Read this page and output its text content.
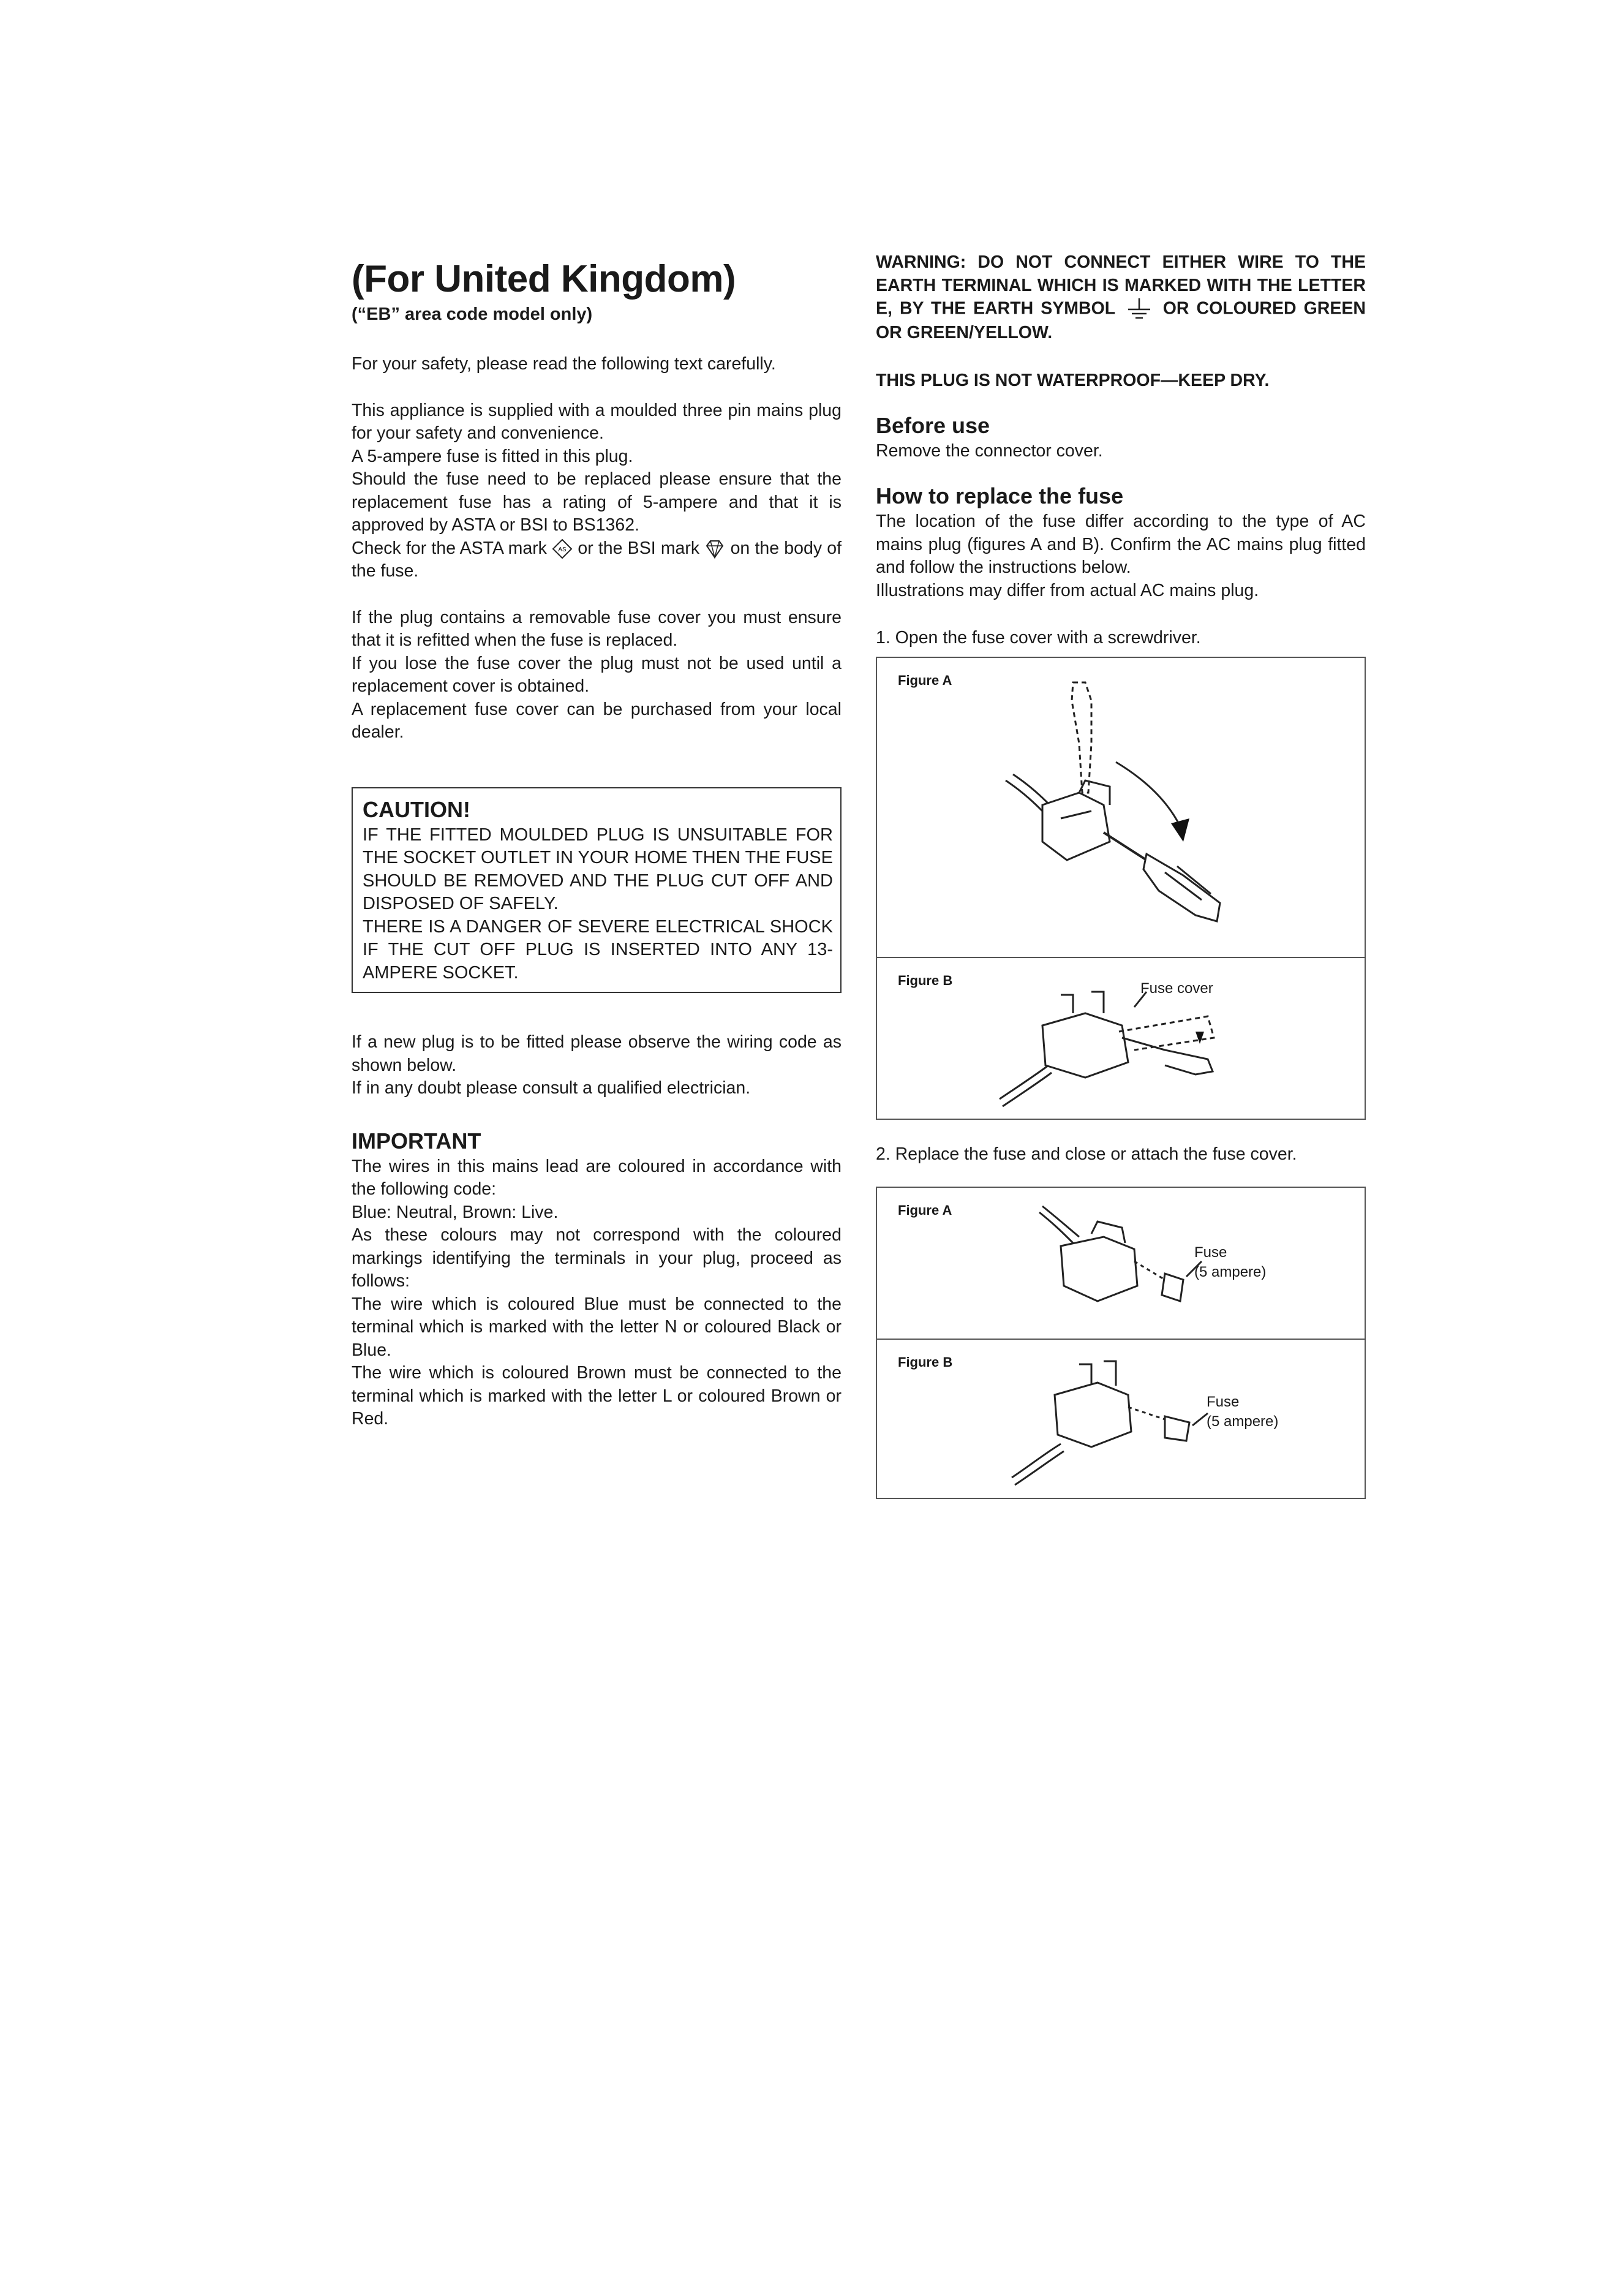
(For United Kingdom)
(“EB” area code model only)

For your safety, please read the following text carefully.

This appliance is supplied with a moulded three pin mains plug for your safety and convenience.

A 5-ampere fuse is fitted in this plug.

Should the fuse need to be replaced please ensure that the replacement fuse has a rating of 5-ampere and that it is approved by ASTA or BSI to BS1362.

Check for the ASTA mark AS or the BSI mark on the body of the fuse.

If the plug contains a removable fuse cover you must ensure that it is refitted when the fuse is replaced.

If you lose the fuse cover the plug must not be used until a replacement cover is obtained.

A replacement fuse cover can be purchased from your local dealer.

CAUTION!
IF THE FITTED MOULDED PLUG IS UNSUITABLE FOR THE SOCKET OUTLET IN YOUR HOME THEN THE FUSE SHOULD BE REMOVED AND THE PLUG CUT OFF AND DISPOSED OF SAFELY.
THERE IS A DANGER OF SEVERE ELECTRICAL SHOCK IF THE CUT OFF PLUG IS INSERTED INTO ANY 13-AMPERE SOCKET.

If a new plug is to be fitted please observe the wiring code as shown below.

If in any doubt please consult a qualified electrician.

IMPORTANT

The wires in this mains lead are coloured in accordance with the following code:

Blue: Neutral, Brown: Live.

As these colours may not correspond with the coloured markings identifying the terminals in your plug, proceed as follows:

The wire which is coloured Blue must be connected to the terminal which is marked with the letter N or coloured Black or Blue.

The wire which is coloured Brown must be connected to the terminal which is marked with the letter L or coloured Brown or Red.

WARNING: DO NOT CONNECT EITHER WIRE TO THE EARTH TERMINAL WHICH IS MARKED WITH THE LETTER E, BY THE EARTH SYMBOL	OR COLOURED GREEN OR GREEN/YELLOW.
THIS PLUG IS NOT WATERPROOF—KEEP DRY.
Before use

Remove the connector cover.

How to replace the fuse

The location of the fuse differ according to the type of AC mains plug (figures A and B). Confirm the AC mains plug fitted and follow the instructions below.

Illustrations may differ from actual AC mains plug.

1. Open the fuse cover with a screwdriver.
Figure A
Figure B	Fuse cover
2. Replace the fuse and close or attach the fuse cover.
Figure A
Fuse
(5 ampere)
Figure B
Fuse
(5 ampere)
